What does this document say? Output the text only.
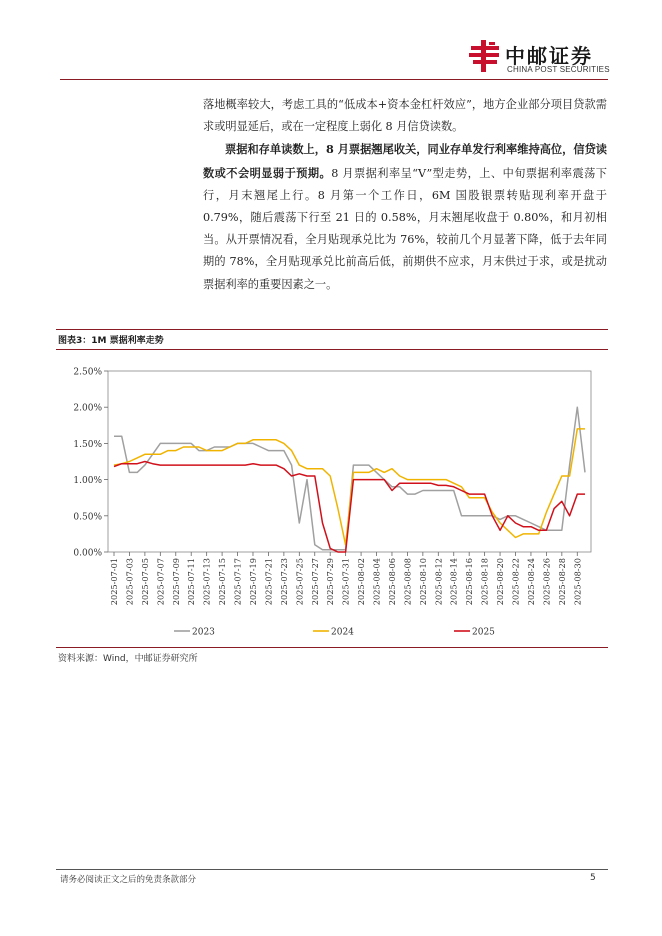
中邮证券
CHINA POST SECURITIES

落地概率较大，考虑工具的“低成本+资本金杠杆效应”，地方企业部分项目贷款需求或明显延后，或在一定程度上弱化 8 月信贷读数。

票据和存单读数上，8 月票据翘尾收关，同业存单发行利率维持高位，信贷读数或不会明显弱于预期。8 月票据利率呈“V”型走势，上、中旬票据利率震荡下行，月末翘尾上行。8 月第一个工作日，6M 国股银票转贴现利率开盘于 0.79%，随后震荡下行至 21 日的 0.58%，月末翘尾收盘于 0.80%，和月初相当。从开票情况看，全月贴现承兑比为 76%，较前几个月显著下降，低于去年同期的 78%，全月贴现承兑比前高后低，前期供不应求，月末供过于求，或是扰动票据利率的重要因素之一。

图表3：1M 票据利率走势
0.00%
0.50%
1.00%
1.50%
2.00%
2.50%
2025-07-01 2025-07-03 2025-07-05 2025-07-07 2025-07-09 2025-07-11 2025-07-13 2025-07-15 2025-07-17 2025-07-19 2025-07-21 2025-07-23 2025-07-25 2025-07-27 2025-07-29 2025-07-31 2025-08-02 2025-08-04 2025-08-06 2025-08-08 2025-08-10 2025-08-12 2025-08-14 2025-08-16 2025-08-18 2025-08-20 2025-08-22 2025-08-24 2025-08-26 2025-08-28 2025-08-30
2023	2024	2025
资料来源：Wind，中邮证券研究所
请务必阅读正文之后的免责条款部分	5
